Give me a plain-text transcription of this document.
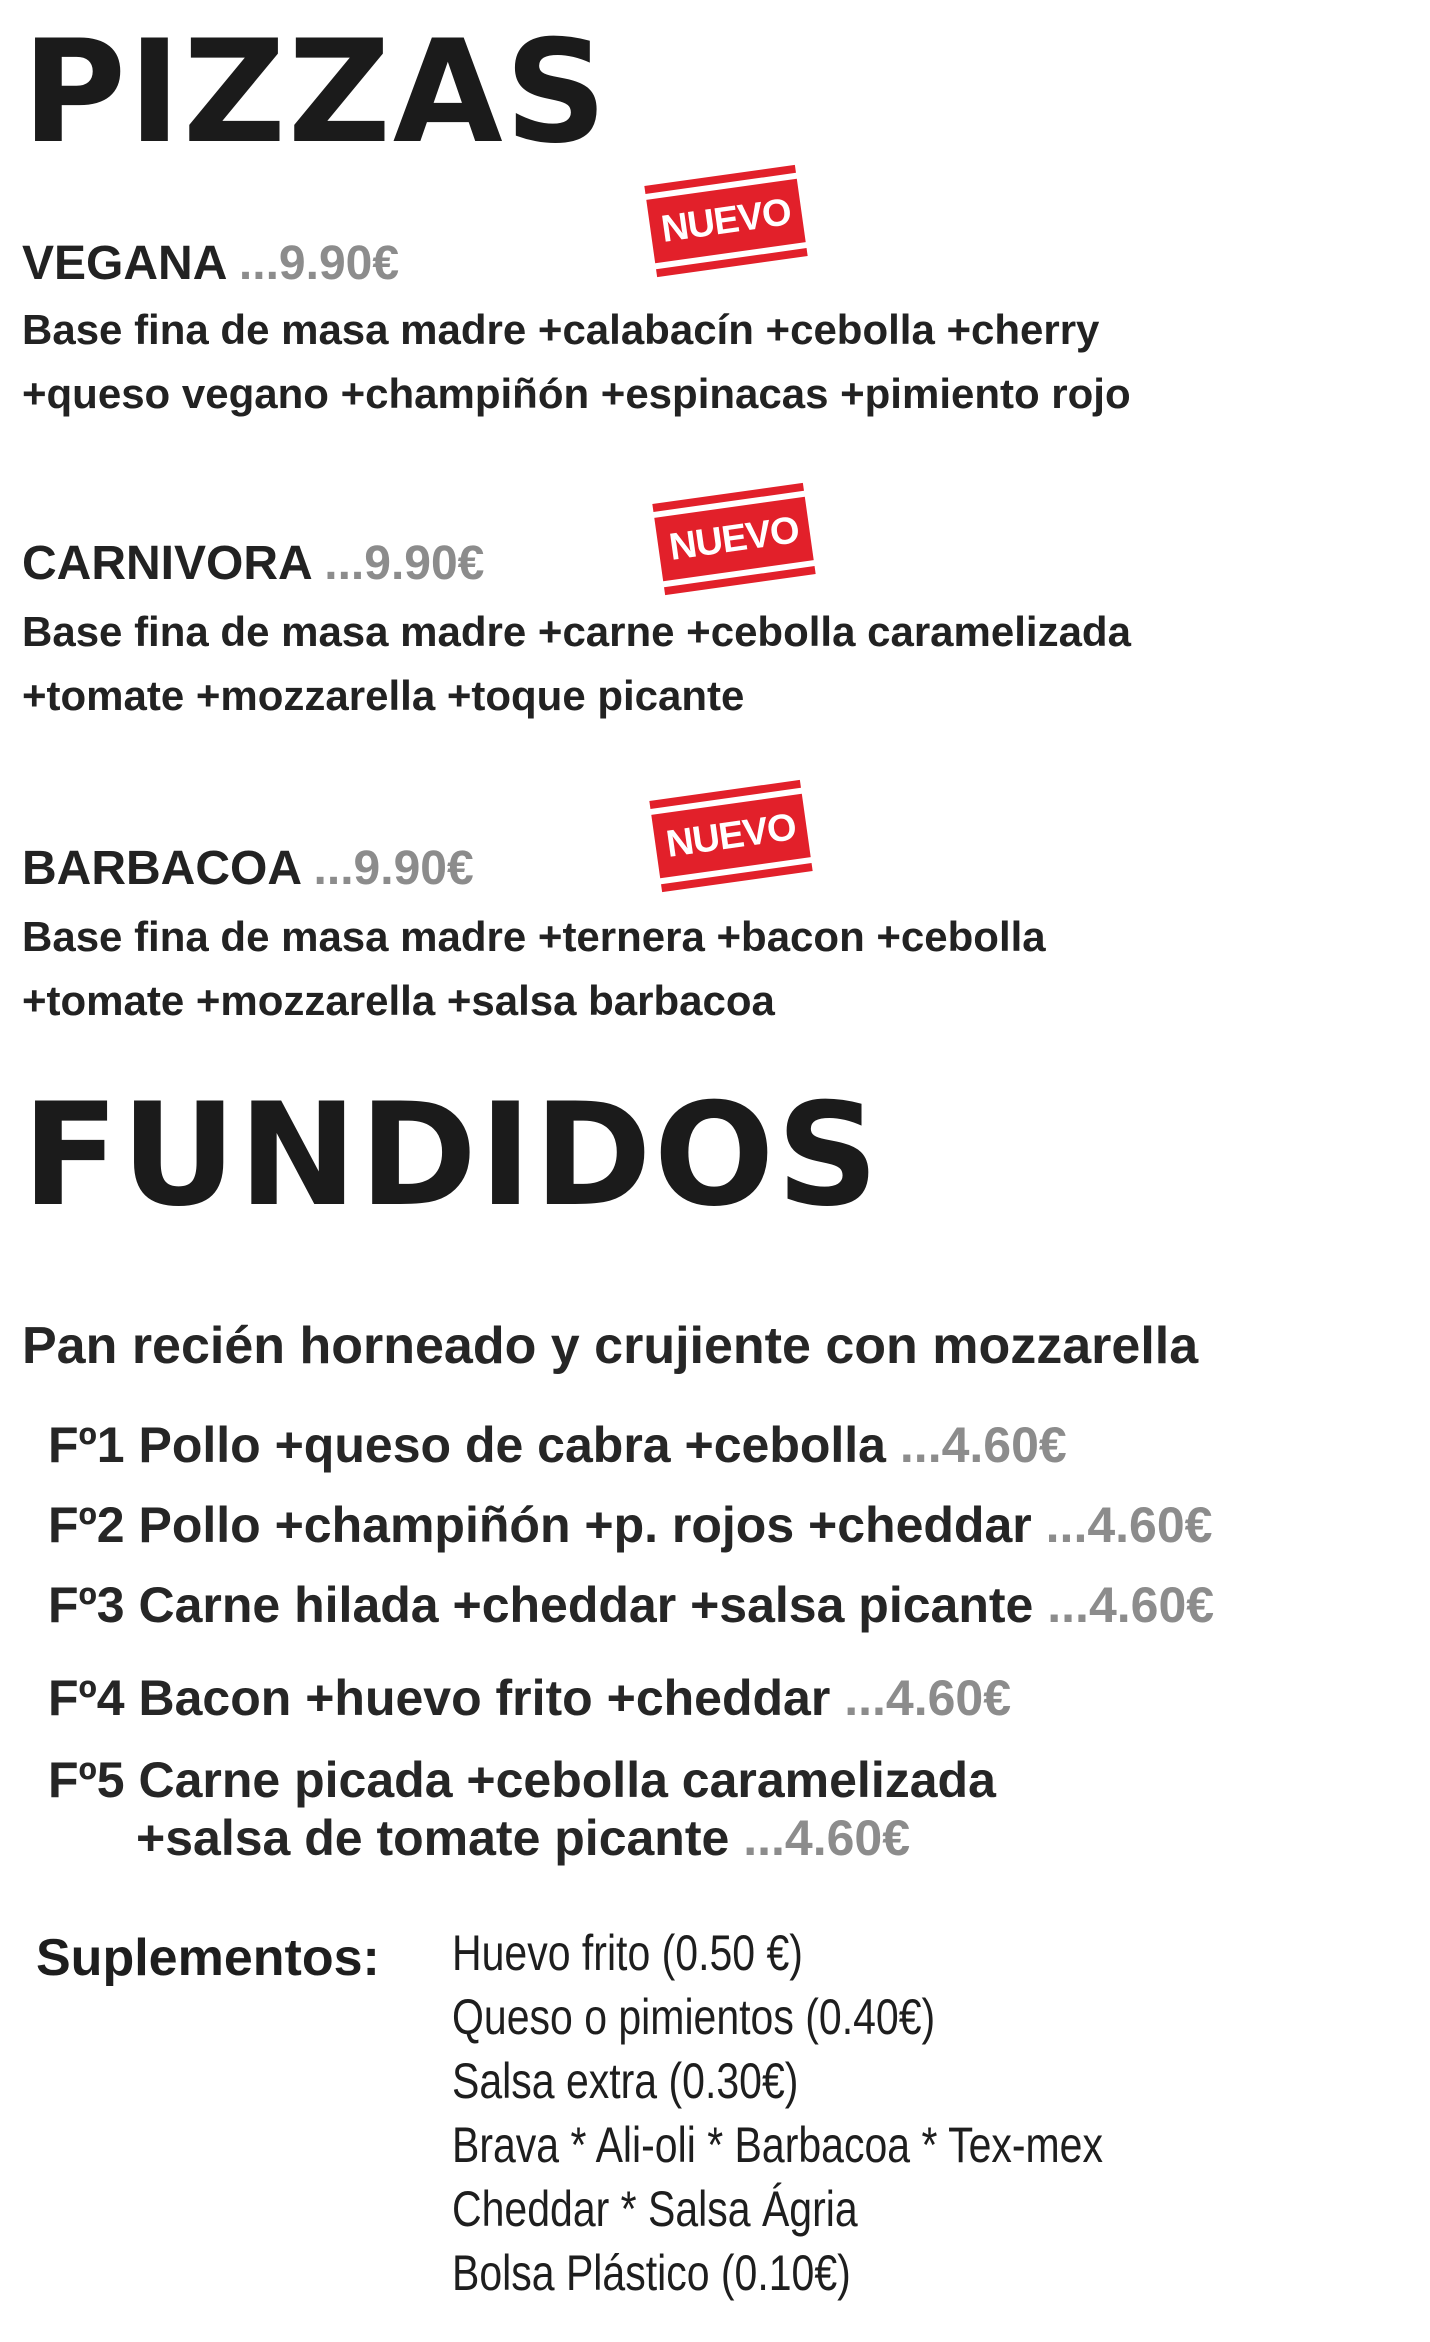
PIZZAS
VEGANA ...9.90€
NUEVO
Base fina de masa madre +calabacín +cebolla +cherry
+queso vegano +champiñón +espinacas +pimiento rojo
CARNIVORA ...9.90€	NUEVO
Base fina de masa madre +carne +cebolla caramelizada
+tomate +mozzarella +toque picante
BARBACOA ...9.90€
NUEVO
Base fina de masa madre +ternera +bacon +cebolla
+tomate +mozzarella +salsa barbacoa
FUNDIDOS
Pan recién horneado y crujiente con mozzarella
Fº1 Pollo +queso de cabra +cebolla ...4.60€
Fº2 Pollo +champiñón +p. rojos +cheddar ...4.60€
Fº3 Carne hilada +cheddar +salsa picante ...4.60€
Fº4 Bacon +huevo frito +cheddar ...4.60€
Fº5 Carne picada +cebolla caramelizada
+salsa de tomate picante ...4.60€
Suplementos: Huevo frito (0.50 €)
Queso o pimientos (0.40€)
Salsa extra (0.30€)
Brava * Ali-oli * Barbacoa * Tex-mex
Cheddar * Salsa Ágria
Bolsa Plástico (0.10€)
